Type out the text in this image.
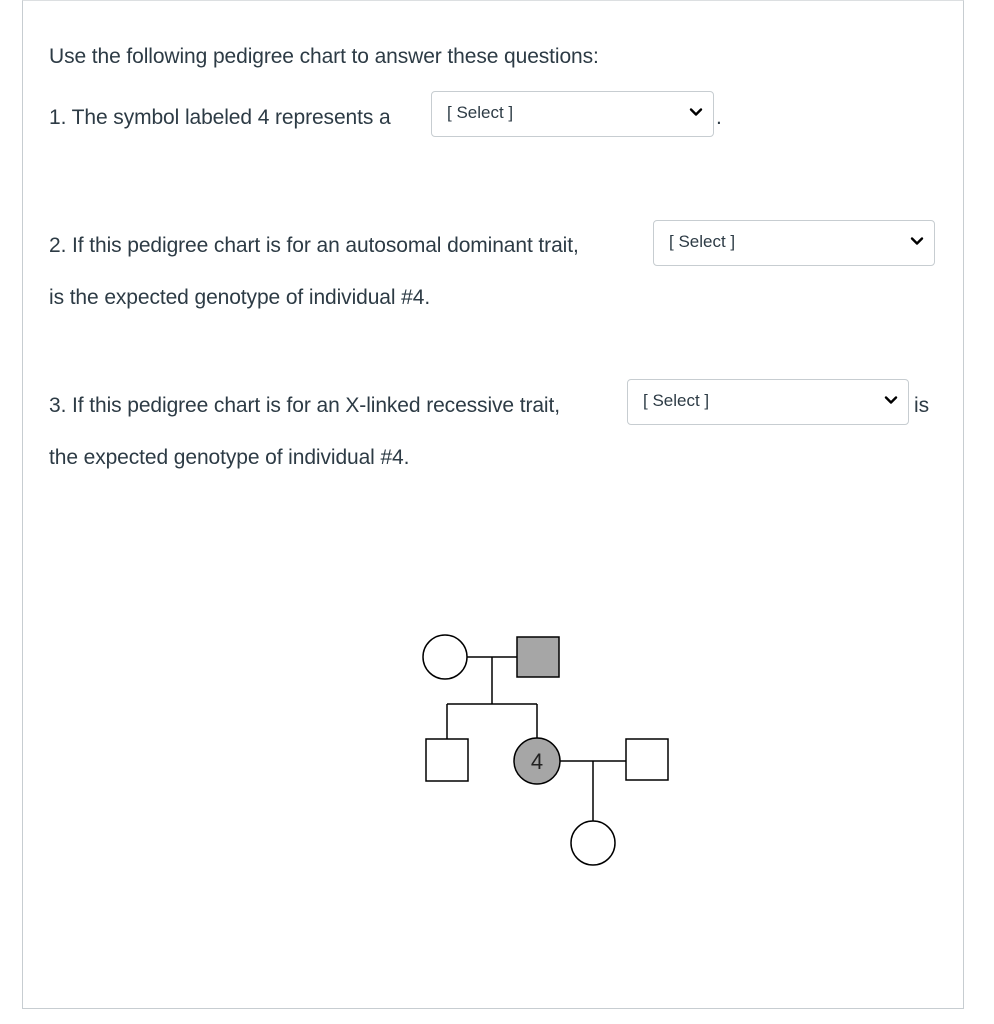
Use the following pedigree chart to answer these questions:
1. The symbol labeled 4 represents a	[ Select ]	.
2. If this pedigree chart is for an autosomal dominant trait,	[ Select ]
is the expected genotype of individual #4.
3. If this pedigree chart is for an X-linked recessive trait,	[ Select ]	is
the expected genotype of individual #4.
4
